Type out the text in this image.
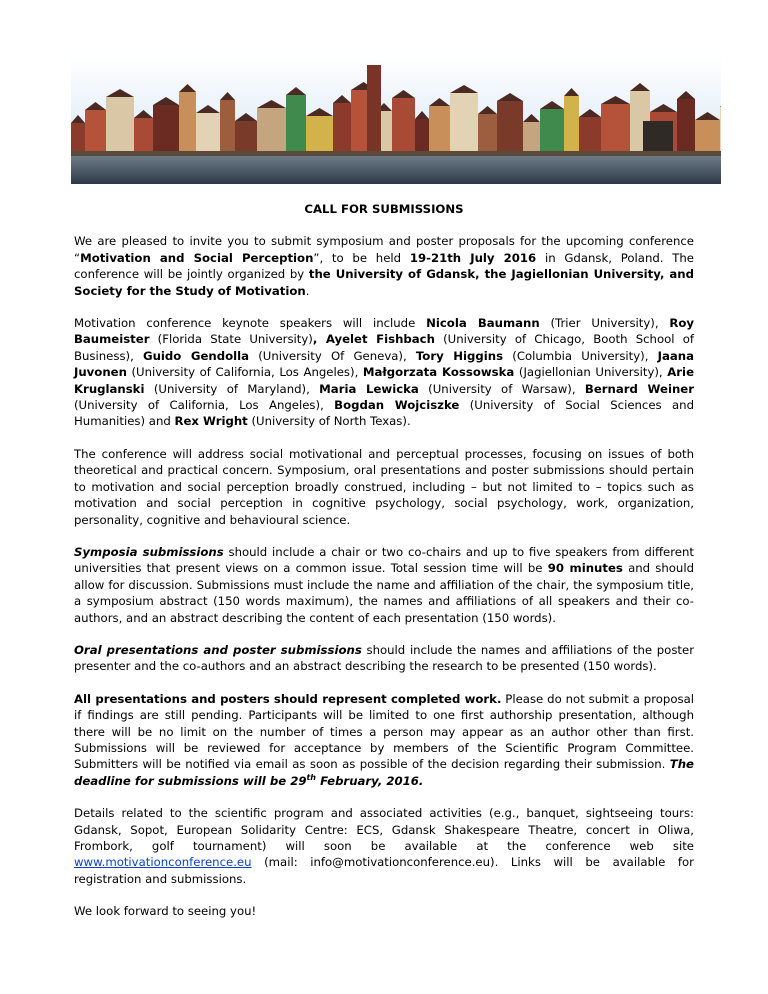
CALL FOR SUBMISSIONS

We are pleased to invite you to submit symposium and poster proposals for the upcoming conference “Motivation and Social Perception”, to be held 19-21th July 2016 in Gdansk, Poland. The conference will be jointly organized by the University of Gdansk, the Jagiellonian University, and Society for the Study of Motivation.

Motivation conference keynote speakers will include Nicola Baumann (Trier University), Roy Baumeister (Florida State University), Ayelet Fishbach (University of Chicago, Booth School of Business), Guido Gendolla (University Of Geneva), Tory Higgins (Columbia University), Jaana Juvonen (University of California, Los Angeles), Małgorzata Kossowska (Jagiellonian University), Arie Kruglanski (University of Maryland), Maria Lewicka (University of Warsaw), Bernard Weiner (University of California, Los Angeles), Bogdan Wojciszke (University of Social Sciences and Humanities) and Rex Wright (University of North Texas).

The conference will address social motivational and perceptual processes, focusing on issues of both theoretical and practical concern. Symposium, oral presentations and poster submissions should pertain to motivation and social perception broadly construed, including – but not limited to – topics such as motivation and social perception in cognitive psychology, social psychology, work, organization, personality, cognitive and behavioural science.

Symposia submissions should include a chair or two co-chairs and up to five speakers from different universities that present views on a common issue. Total session time will be 90 minutes and should allow for discussion. Submissions must include the name and affiliation of the chair, the symposium title, a symposium abstract (150 words maximum), the names and affiliations of all speakers and their co-authors, and an abstract describing the content of each presentation (150 words).

Oral presentations and poster submissions should include the names and affiliations of the poster presenter and the co-authors and an abstract describing the research to be presented (150 words).

All presentations and posters should represent completed work. Please do not submit a proposal if findings are still pending. Participants will be limited to one first authorship presentation, although there will be no limit on the number of times a person may appear as an author other than first. Submissions will be reviewed for acceptance by members of the Scientific Program Committee. Submitters will be notified via email as soon as possible of the decision regarding their submission. The deadline for submissions will be 29th February, 2016.

Details related to the scientific program and associated activities (e.g., banquet, sightseeing tours: Gdansk, Sopot, European Solidarity Centre: ECS, Gdansk Shakespeare Theatre, concert in Oliwa, Frombork, golf tournament) will soon be available at the conference web site www.motivationconference.eu (mail: info@motivationconference.eu). Links will be available for registration and submissions.

We look forward to seeing you!
